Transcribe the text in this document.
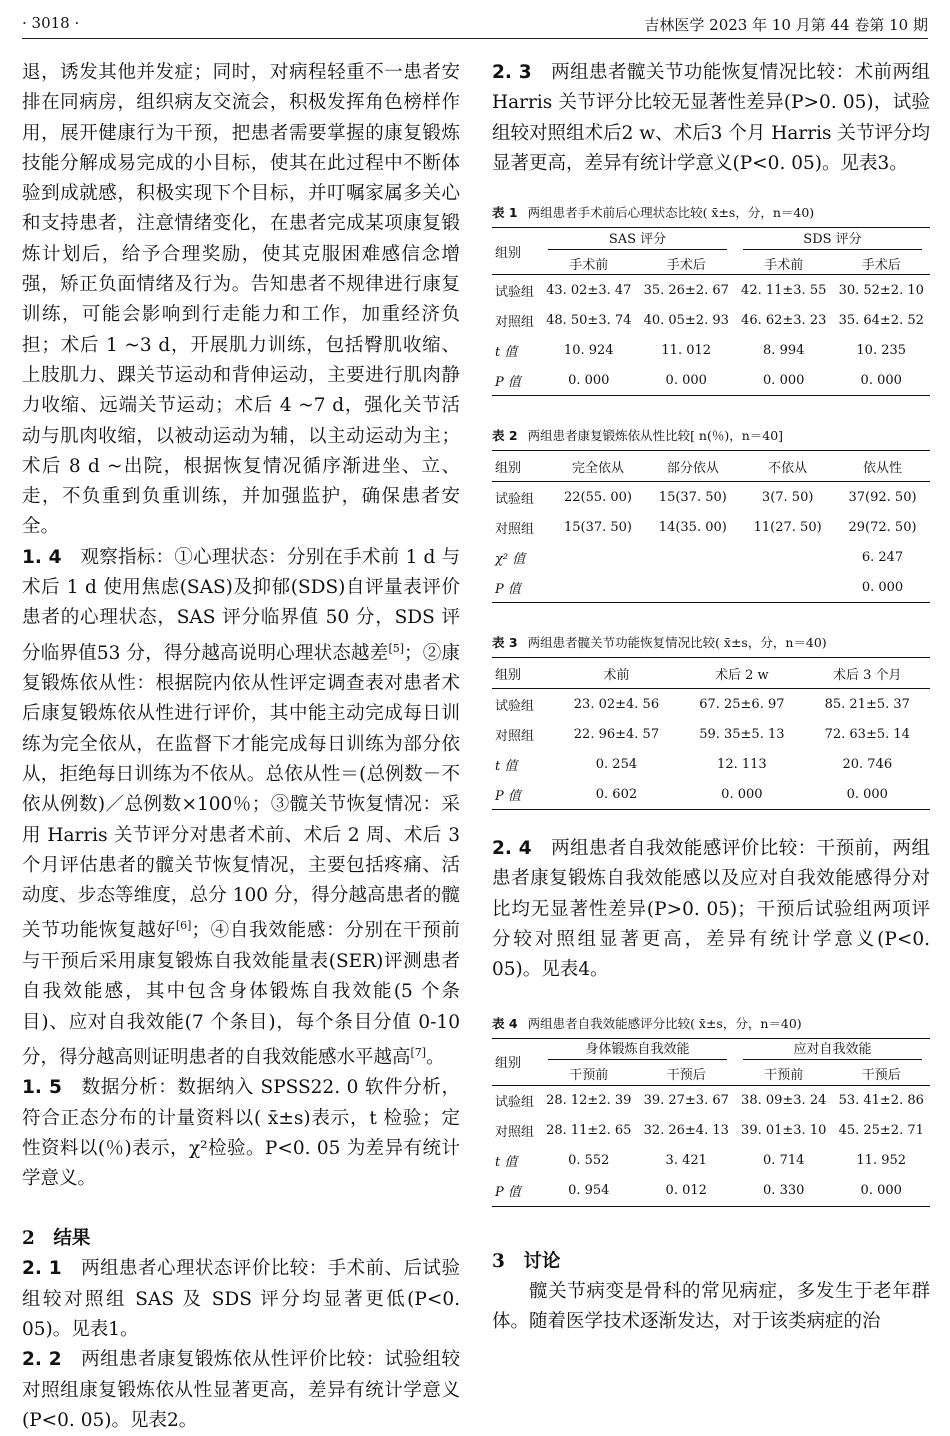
· 3018 ·	吉林医学 2023 年 10 月第 44 卷第 10 期

退，诱发其他并发症；同时，对病程轻重不一患者安排在同病房，组织病友交流会，积极发挥角色榜样作用，展开健康行为干预，把患者需要掌握的康复锻炼技能分解成易完成的小目标，使其在此过程中不断体验到成就感，积极实现下个目标，并叮嘱家属多关心和支持患者，注意情绪变化，在患者完成某项康复锻炼计划后，给予合理奖励，使其克服困难感信念增强，矫正负面情绪及行为。告知患者不规律进行康复训练，可能会影响到行走能力和工作，加重经济负担；术后 1 ~3 d，开展肌力训练，包括臀肌收缩、上肢肌力、踝关节运动和背伸运动，主要进行肌肉静力收缩、远端关节运动；术后 4 ~7 d，强化关节活动与肌肉收缩，以被动运动为辅，以主动运动为主；术后 8 d ~出院，根据恢复情况循序渐进坐、立、走，不负重到负重训练，并加强监护，确保患者安全。

1. 4　 观察指标：①心理状态：分别在手术前 1 d 与术后 1 d 使用焦虑(SAS)及抑郁(SDS)自评量表评价患者的心理状态，SAS 评分临界值 50 分，SDS 评分临界值53 分，得分越高说明心理状态越差[5]；②康复锻炼依从性：根据院内依从性评定调查表对患者术后康复锻炼依从性进行评价，其中能主动完成每日训练为完全依从，在监督下才能完成每日训练为部分依从，拒绝每日训练为不依从。总依从性＝(总例数－不依从例数)／总例数×100％；③髋关节恢复情况：采用 Harris 关节评分对患者术前、术后 2 周、术后 3 个月评估患者的髋关节恢复情况，主要包括疼痛、活动度、步态等维度，总分 100 分，得分越高患者的髋关节功能恢复越好[6]；④自我效能感：分别在干预前与干预后采用康复锻炼自我效能量表(SER)评测患者自我效能感，其中包含身体锻炼自我效能(5 个条目)、应对自我效能(7 个条目)，每个条目分值 0-10 分，得分越高则证明患者的自我效能感水平越高[7]。

1. 5　 数据分析：数据纳入 SPSS22. 0 软件分析，符合正态分布的计量资料以( x̄±s)表示，t 检验；定性资料以(％)表示，χ²检验。P<0. 05 为差异有统计学意义。

2　结果

2. 1　 两组患者心理状态评价比较：手术前、后试验组较对照组 SAS 及 SDS 评分均显著更低(P<0. 05)。见表1。

2. 2　 两组患者康复锻炼依从性评价比较：试验组较对照组康复锻炼依从性显著更高，差异有统计学意义(P<0. 05)。见表2。

2. 3　 两组患者髋关节功能恢复情况比较：术前两组 Harris 关节评分比较无显著性差异(P>0. 05)，试验组较对照组术后2 w、术后3 个月 Harris 关节评分均显著更高，差异有统计学意义(P<0. 05)。见表3。

表 1 两组患者手术前后心理状态比较( x̄±s，分，n＝40)
组别	SAS 评分		SDS 评分	

	手术前	手术后	手术前	手术后
试验组	43. 02±3. 47	35. 26±2. 67	42. 11±3. 55	30. 52±2. 10
对照组	48. 50±3. 74	40. 05±2. 93	46. 62±3. 23	35. 64±2. 52
t 值	10. 924	11. 012	8. 994	10. 235
P 值	0. 000	0. 000	0. 000	0. 000
表 2 两组患者康复锻炼依从性比较[ n(％)，n＝40]
组别	完全依从	部分依从	不依从	依从性
试验组	22(55. 00)	15(37. 50)	3(7. 50)	37(92. 50)
对照组	15(37. 50)	14(35. 00)	11(27. 50)	29(72. 50)
χ² 值				6. 247
P 值				0. 000
表 3 两组患者髋关节功能恢复情况比较( x̄±s，分，n＝40)
组别	术前	术后 2 w	术后 3 个月
试验组	23. 02±4. 56	67. 25±6. 97	85. 21±5. 37
对照组	22. 96±4. 57	59. 35±5. 13	72. 63±5. 14
t 值	0. 254	12. 113	20. 746
P 值	0. 602	0. 000	0. 000

2. 4　 两组患者自我效能感评价比较：干预前，两组患者康复锻炼自我效能感以及应对自我效能感得分对比均无显著性差异(P>0. 05)；干预后试验组两项评分较对照组显著更高，差异有统计学意义(P<0. 05)。见表4。

表 4 两组患者自我效能感评分比较( x̄±s，分，n＝40)
组别	身体锻炼自我效能		应对自我效能	

	干预前	干预后	干预前	干预后
试验组	28. 12±2. 39	39. 27±3. 67	38. 09±3. 24	53. 41±2. 86
对照组	28. 11±2. 65	32. 26±4. 13	39. 01±3. 10	45. 25±2. 71
t 值	0. 552	3. 421	0. 714	11. 952
P 值	0. 954	0. 012	0. 330	0. 000

3　讨论

髋关节病变是骨科的常见病症，多发生于老年群体。随着医学技术逐渐发达，对于该类病症的治
